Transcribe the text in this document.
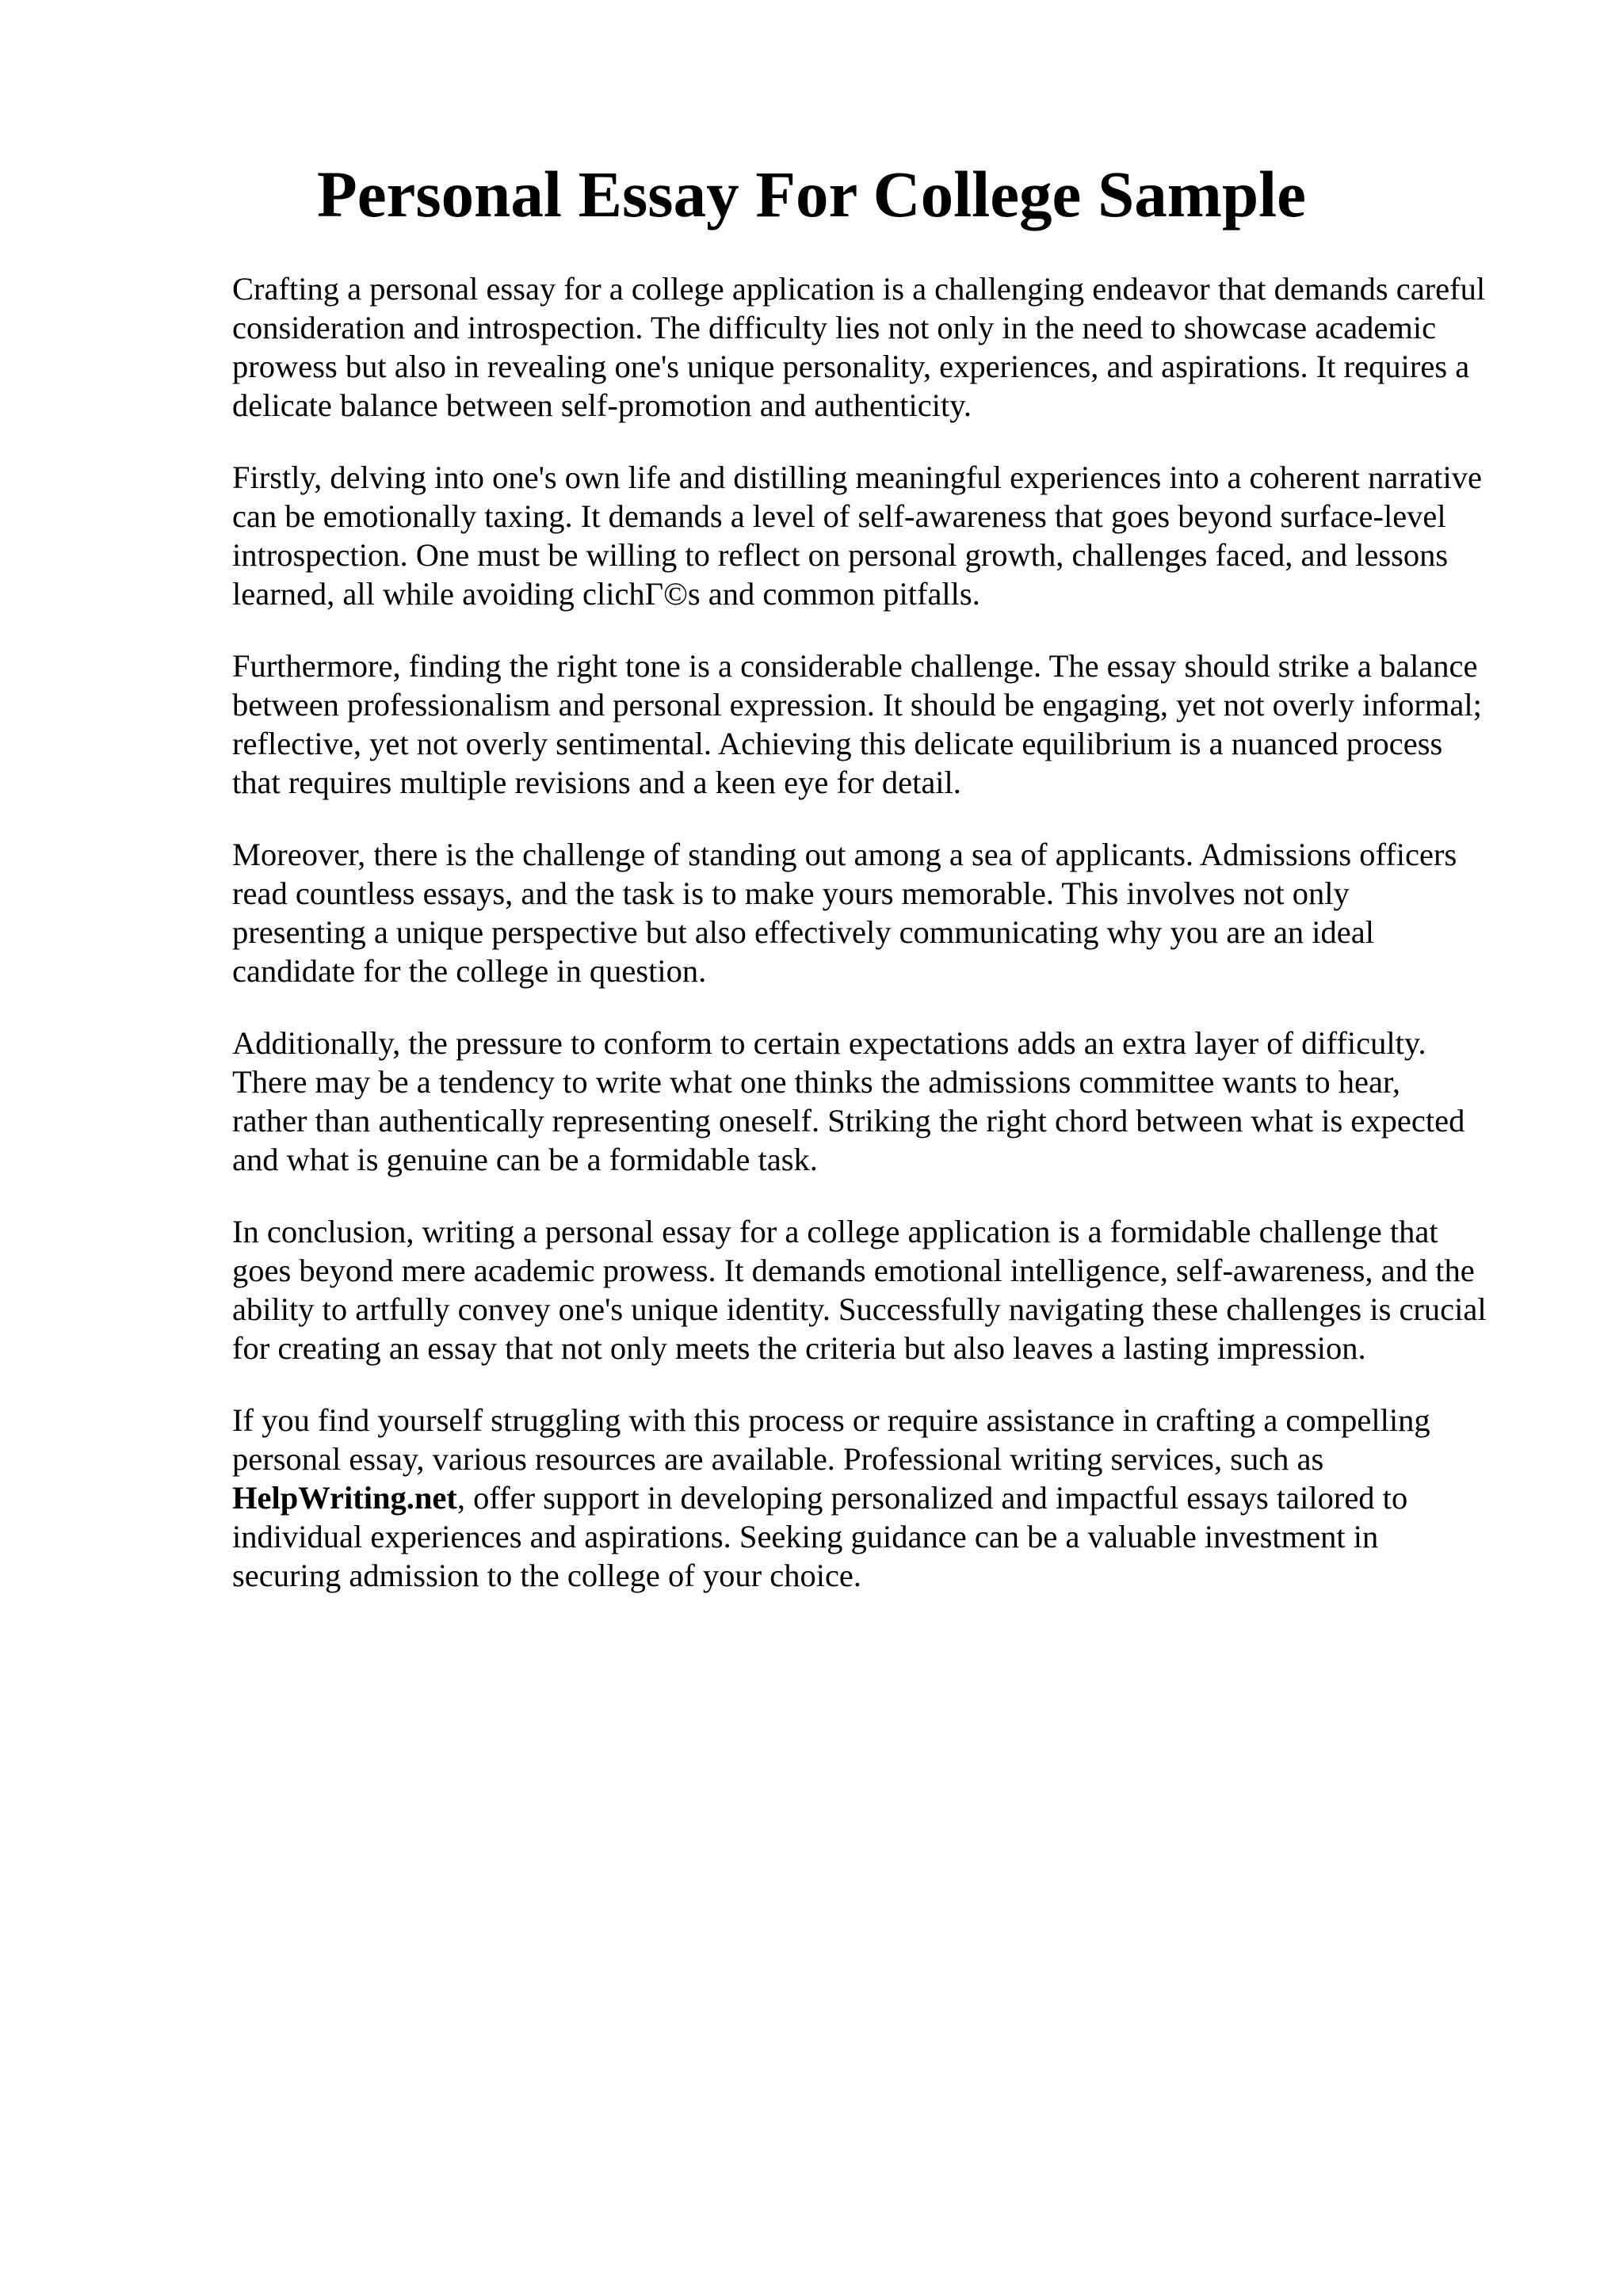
Personal Essay For College Sample

Crafting a personal essay for a college application is a challenging endeavor that demands careful
consideration and introspection. The difficulty lies not only in the need to showcase academic
prowess but also in revealing one's unique personality, experiences, and aspirations. It requires a
delicate balance between self-promotion and authenticity.

Firstly, delving into one's own life and distilling meaningful experiences into a coherent narrative
can be emotionally taxing. It demands a level of self-awareness that goes beyond surface-level
introspection. One must be willing to reflect on personal growth, challenges faced, and lessons
learned, all while avoiding clichГ©s and common pitfalls.

Furthermore, finding the right tone is a considerable challenge. The essay should strike a balance
between professionalism and personal expression. It should be engaging, yet not overly informal;
reflective, yet not overly sentimental. Achieving this delicate equilibrium is a nuanced process
that requires multiple revisions and a keen eye for detail.

Moreover, there is the challenge of standing out among a sea of applicants. Admissions officers
read countless essays, and the task is to make yours memorable. This involves not only
presenting a unique perspective but also effectively communicating why you are an ideal
candidate for the college in question.

Additionally, the pressure to conform to certain expectations adds an extra layer of difficulty.
There may be a tendency to write what one thinks the admissions committee wants to hear,
rather than authentically representing oneself. Striking the right chord between what is expected
and what is genuine can be a formidable task.

In conclusion, writing a personal essay for a college application is a formidable challenge that
goes beyond mere academic prowess. It demands emotional intelligence, self-awareness, and the
ability to artfully convey one's unique identity. Successfully navigating these challenges is crucial
for creating an essay that not only meets the criteria but also leaves a lasting impression.

If you find yourself struggling with this process or require assistance in crafting a compelling
personal essay, various resources are available. Professional writing services, such as
HelpWriting.net, offer support in developing personalized and impactful essays tailored to
individual experiences and aspirations. Seeking guidance can be a valuable investment in
securing admission to the college of your choice.
